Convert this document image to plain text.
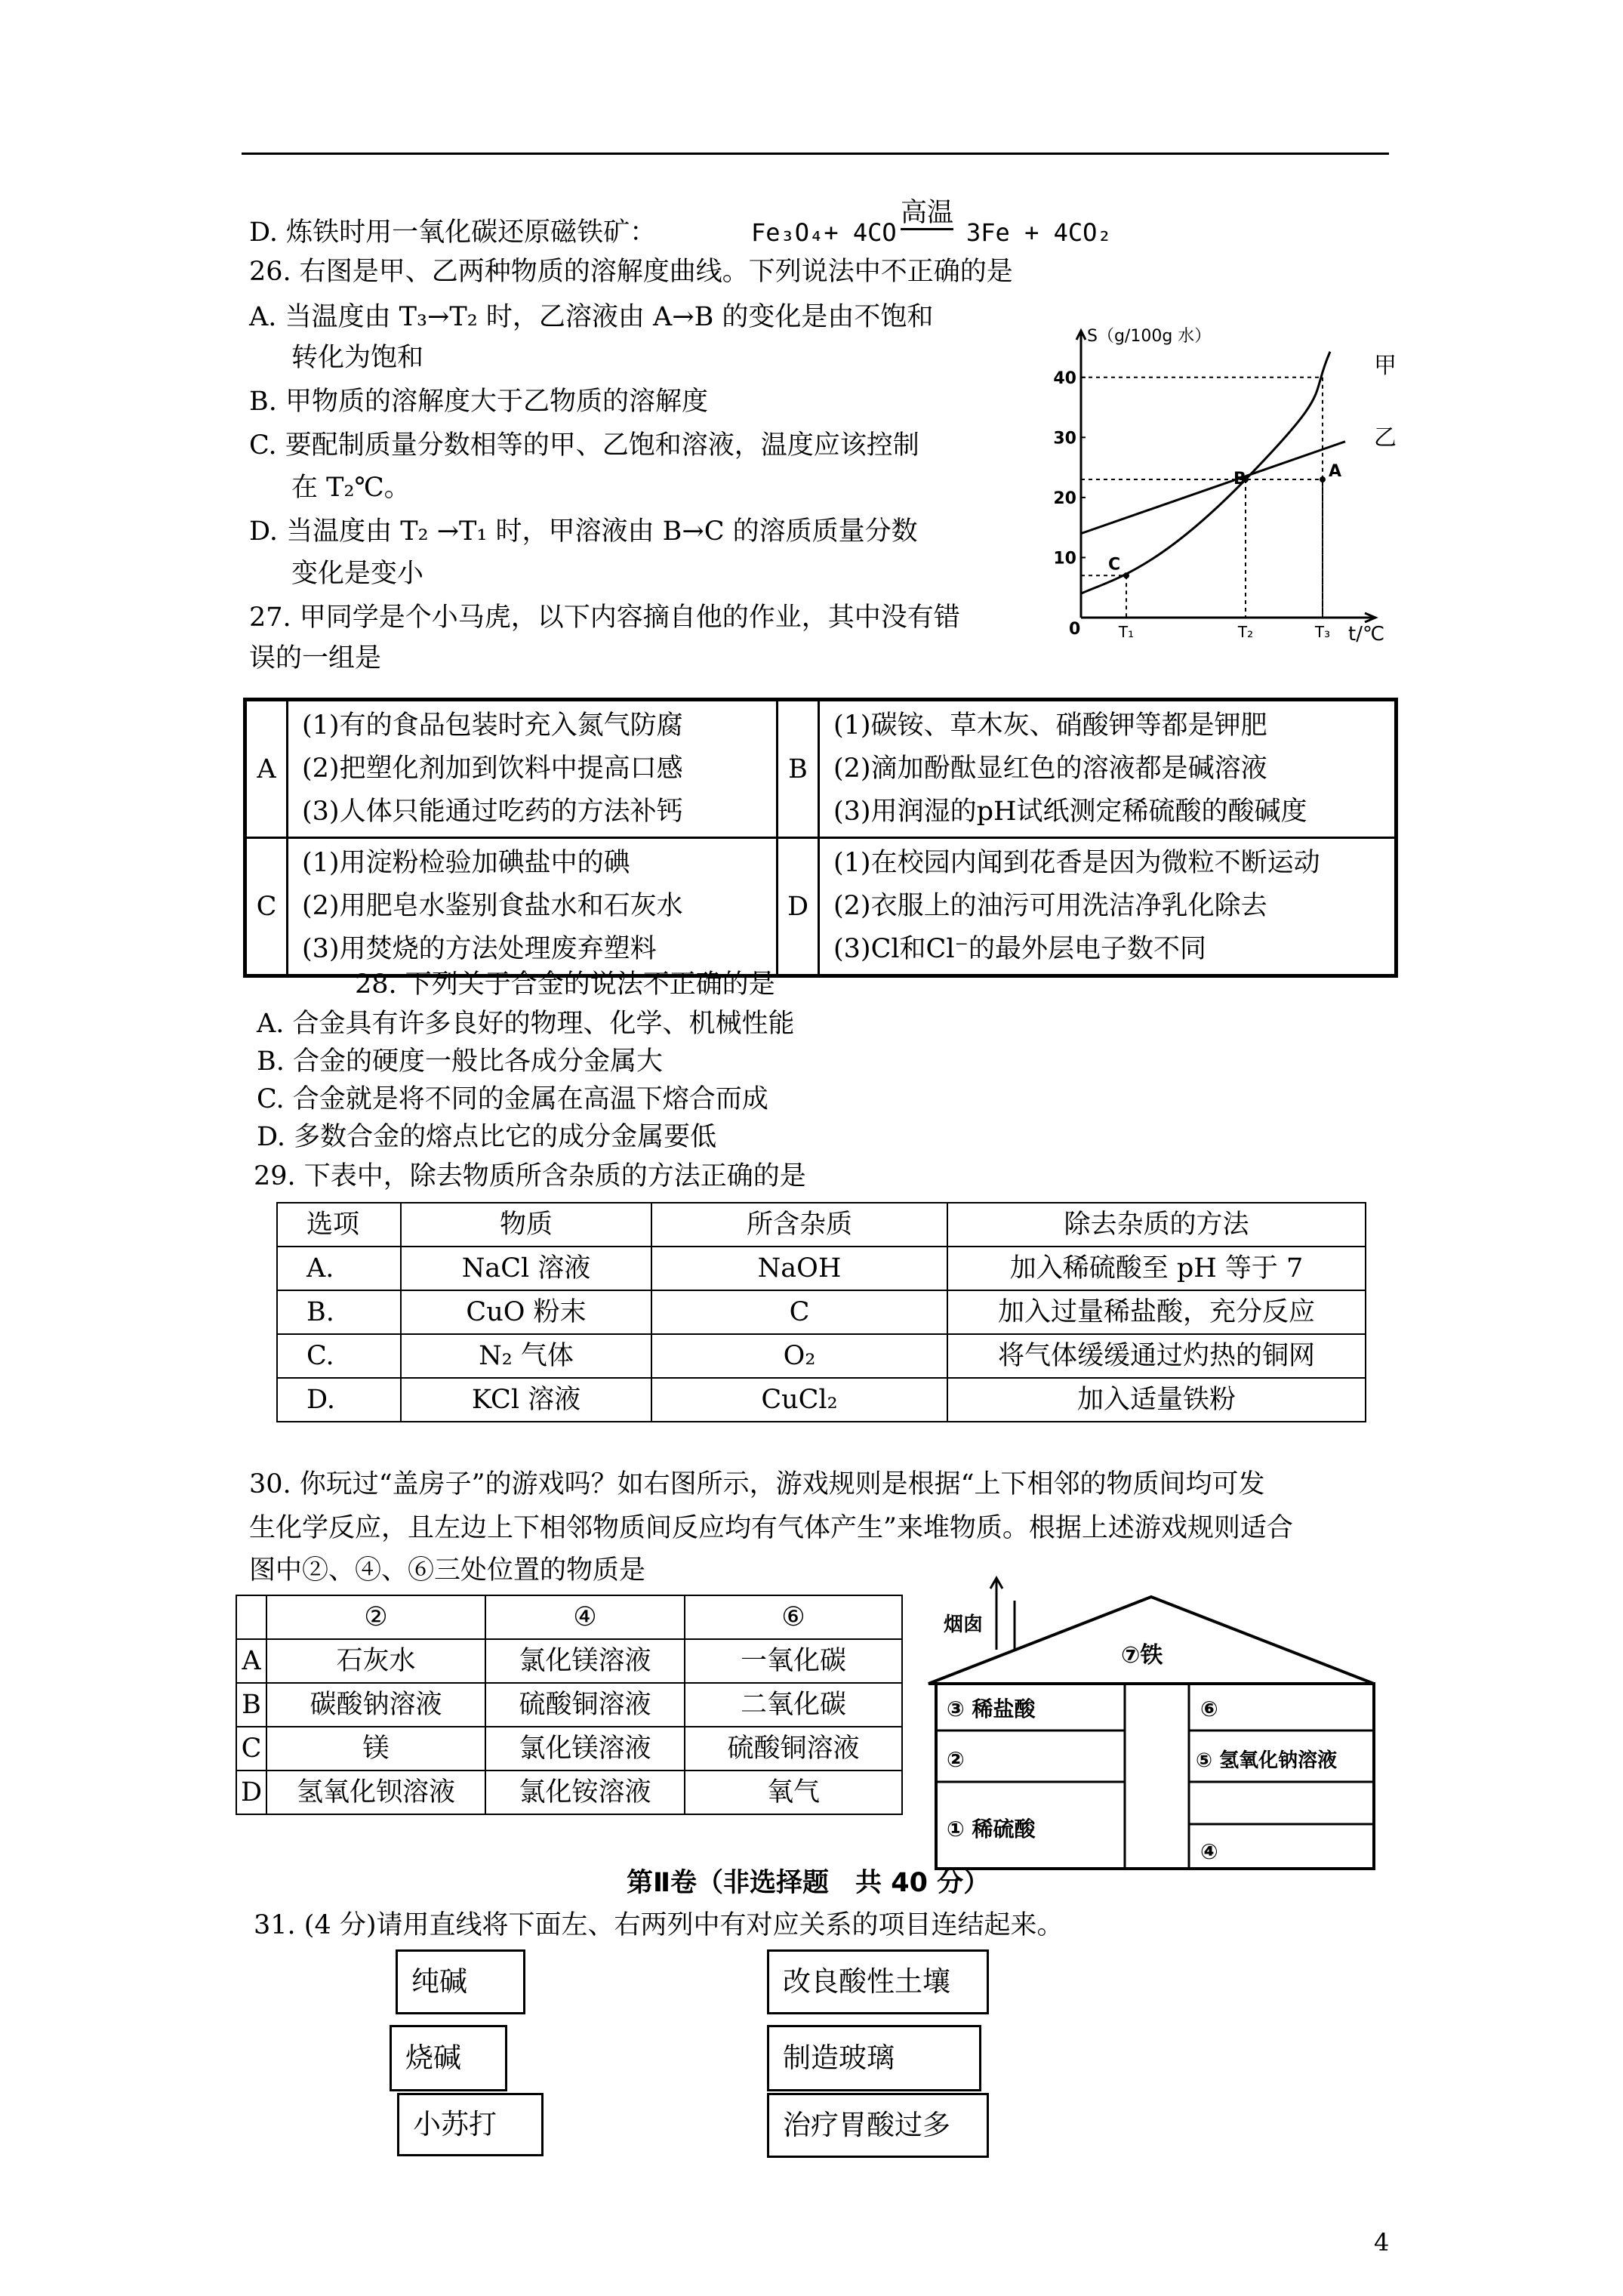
D. 炼铁时用一氧化碳还原磁铁矿：	Fe₃O₄+ 4CO
高温
3Fe + 4CO₂
26. 右图是甲、乙两种物质的溶解度曲线。下列说法中不正确的是
A. 当温度由 T₃→T₂ 时，乙溶液由 A→B 的变化是由不饱和
转化为饱和
B. 甲物质的溶解度大于乙物质的溶解度
C. 要配制质量分数相等的甲、乙饱和溶液，温度应该控制
在 T₂℃。
D. 当温度由 T₂ →T₁ 时，甲溶液由 B→C 的溶质质量分数
变化是变小
S（g/100g 水）
t/℃
0
10
20
30
40
T₁	T₂	T₃
甲
乙
A
B
C
27. 甲同学是个小马虎，以下内容摘自他的作业，其中没有错
误的一组是
A	(1)有的食品包装时充入氮气防腐
(2)把塑化剂加到饮料中提高口感
(3)人体只能通过吃药的方法补钙	B	(1)碳铵、草木灰、硝酸钾等都是钾肥
(2)滴加酚酞显红色的溶液都是碱溶液
(3)用润湿的pH试纸测定稀硫酸的酸碱度

C	(1)用淀粉检验加碘盐中的碘
(2)用肥皂水鉴别食盐水和石灰水
(3)用焚烧的方法处理废弃塑料	D	(1)在校园内闻到花香是因为微粒不断运动
(2)衣服上的油污可用洗洁净乳化除去
(3)Cl和Cl⁻的最外层电子数不同
28. 下列关于合金的说法不正确的是
A. 合金具有许多良好的物理、化学、机械性能
B. 合金的硬度一般比各成分金属大
C. 合金就是将不同的金属在高温下熔合而成
D. 多数合金的熔点比它的成分金属要低
29. 下表中，除去物质所含杂质的方法正确的是
选项	物质	所含杂质	除去杂质的方法
A.	NaCl 溶液	NaOH	加入稀硫酸至 pH 等于 7
B.	CuO 粉末	C	加入过量稀盐酸，充分反应
C.	N₂ 气体	O₂	将气体缓缓通过灼热的铜网
D.	KCl 溶液	CuCl₂	加入适量铁粉
30. 你玩过“盖房子”的游戏吗？如右图所示，游戏规则是根据“上下相邻的物质间均可发
生化学反应，且左边上下相邻物质间反应均有气体产生”来堆物质。根据上述游戏规则适合
图中②、④、⑥三处位置的物质是
	②	④	⑥
A	石灰水	氯化镁溶液	一氧化碳
B	碳酸钠溶液	硫酸铜溶液	二氧化碳
C	镁	氯化镁溶液	硫酸铜溶液
D	氢氧化钡溶液	氯化铵溶液	氧气
烟囱
⑦铁
③ 稀盐酸
②
① 稀硫酸
⑥
⑤ 氢氧化钠溶液
④
第Ⅱ卷（非选择题　共 40 分）
31. (4 分)请用直线将下面左、右两列中有对应关系的项目连结起来。
纯碱
烧碱
小苏打
改良酸性土壤
制造玻璃
治疗胃酸过多
4
